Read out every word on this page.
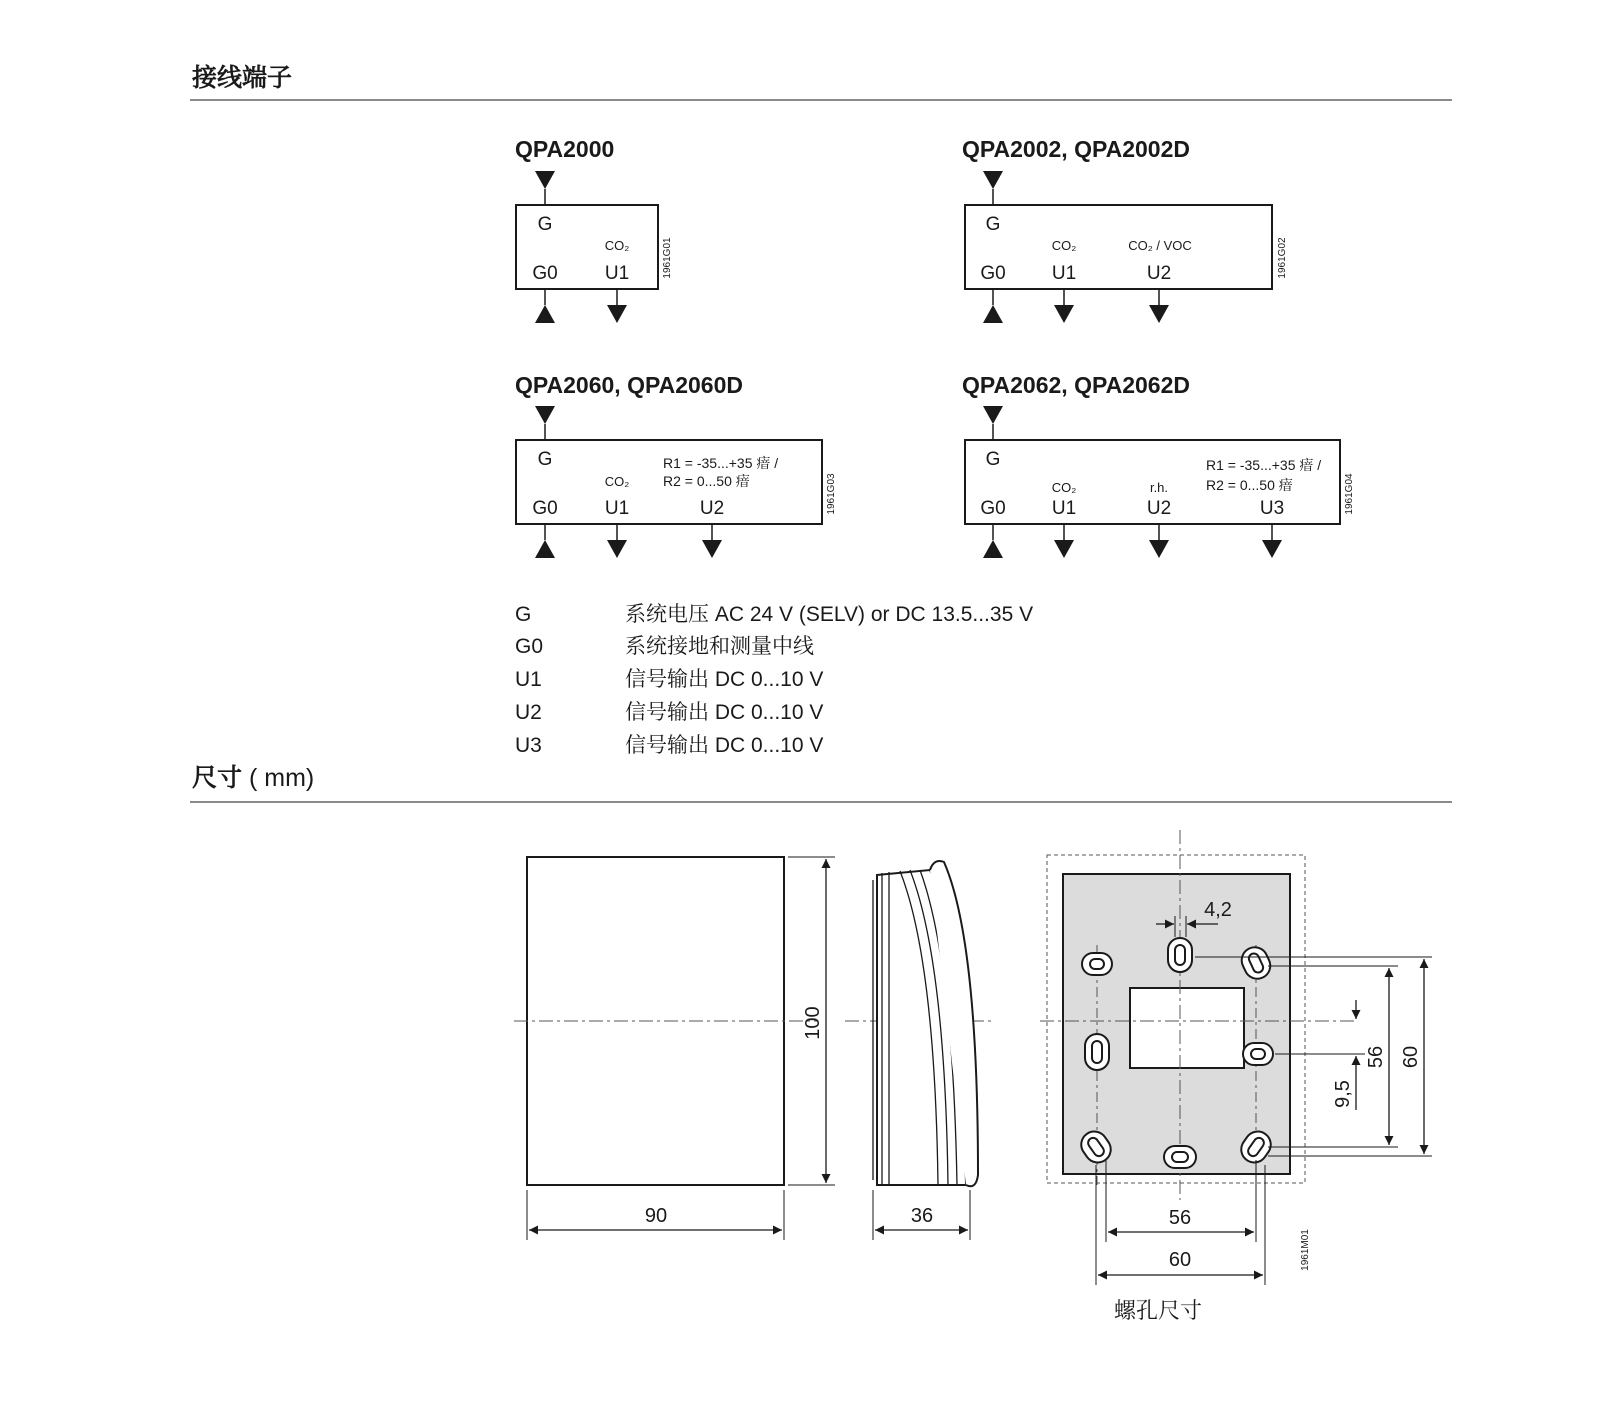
接线端子
尺寸 ( mm)
QPA2000
G
CO₂
G0 U1	1961G01
QPA2002, QPA2002D
G
CO₂	CO₂ / VOC
G0 U1	U2	1961G02
QPA2060, QPA2060D
G	R1 = -35...+35 瘖 /
R2 = 0...50 瘖
CO₂
G0 U1	U2	1961G03
QPA2062, QPA2062D
G	R1 = -35...+35 瘖 /
R2 = 0...50 瘖
CO₂	r.h.
G0 U1	U2	U3	1961G04
90
100
36
4,2
9,5
56 60
56
60	1961M01
螺孔尺寸
G	系统电压 AC 24 V (SELV) or DC 13.5...35 V
G0	系统接地和测量中线
U1	信号输出 DC 0...10 V
U2	信号输出 DC 0...10 V
U3	信号输出 DC 0...10 V
